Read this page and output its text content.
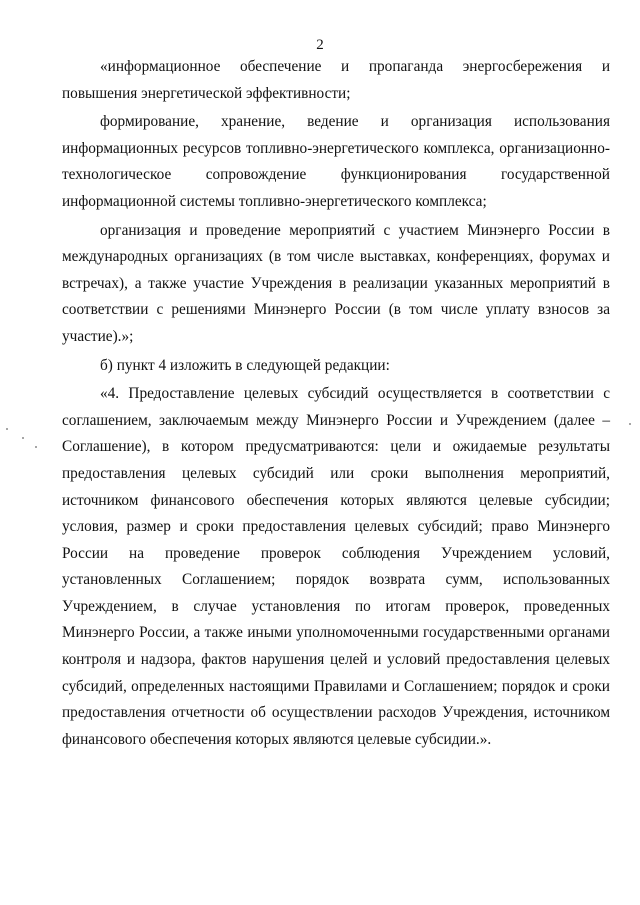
2

«информационное обеспечение и пропаганда энергосбережения и повышения энергетической эффективности;

формирование, хранение, ведение и организация использования информационных ресурсов топливно-энергетического комплекса, организационно-технологическое сопровождение функционирования государственной информационной системы топливно-энергетического комплекса;

организация и проведение мероприятий с участием Минэнерго России в международных организациях (в том числе выставках, конференциях, форумах и встречах), а также участие Учреждения в реализации указанных мероприятий в соответствии с решениями Минэнерго России (в том числе уплату взносов за участие).»;

б) пункт 4 изложить в следующей редакции:

«4. Предоставление целевых субсидий осуществляется в соответствии с соглашением, заключаемым между Минэнерго России и Учреждением (далее – Соглашение), в котором предусматриваются: цели и ожидаемые результаты предоставления целевых субсидий или сроки выполнения мероприятий, источником финансового обеспечения которых являются целевые субсидии; условия, размер и сроки предоставления целевых субсидий; право Минэнерго России на проведение проверок соблюдения Учреждением условий, установленных Соглашением; порядок возврата сумм, использованных Учреждением, в случае установления по итогам проверок, проведенных Минэнерго России, а также иными уполномоченными государственными органами контроля и надзора, фактов нарушения целей и условий предоставления целевых субсидий, определенных настоящими Правилами и Соглашением; порядок и сроки предоставления отчетности об осуществлении расходов Учреждения, источником финансового обеспечения которых являются целевые субсидии.».
